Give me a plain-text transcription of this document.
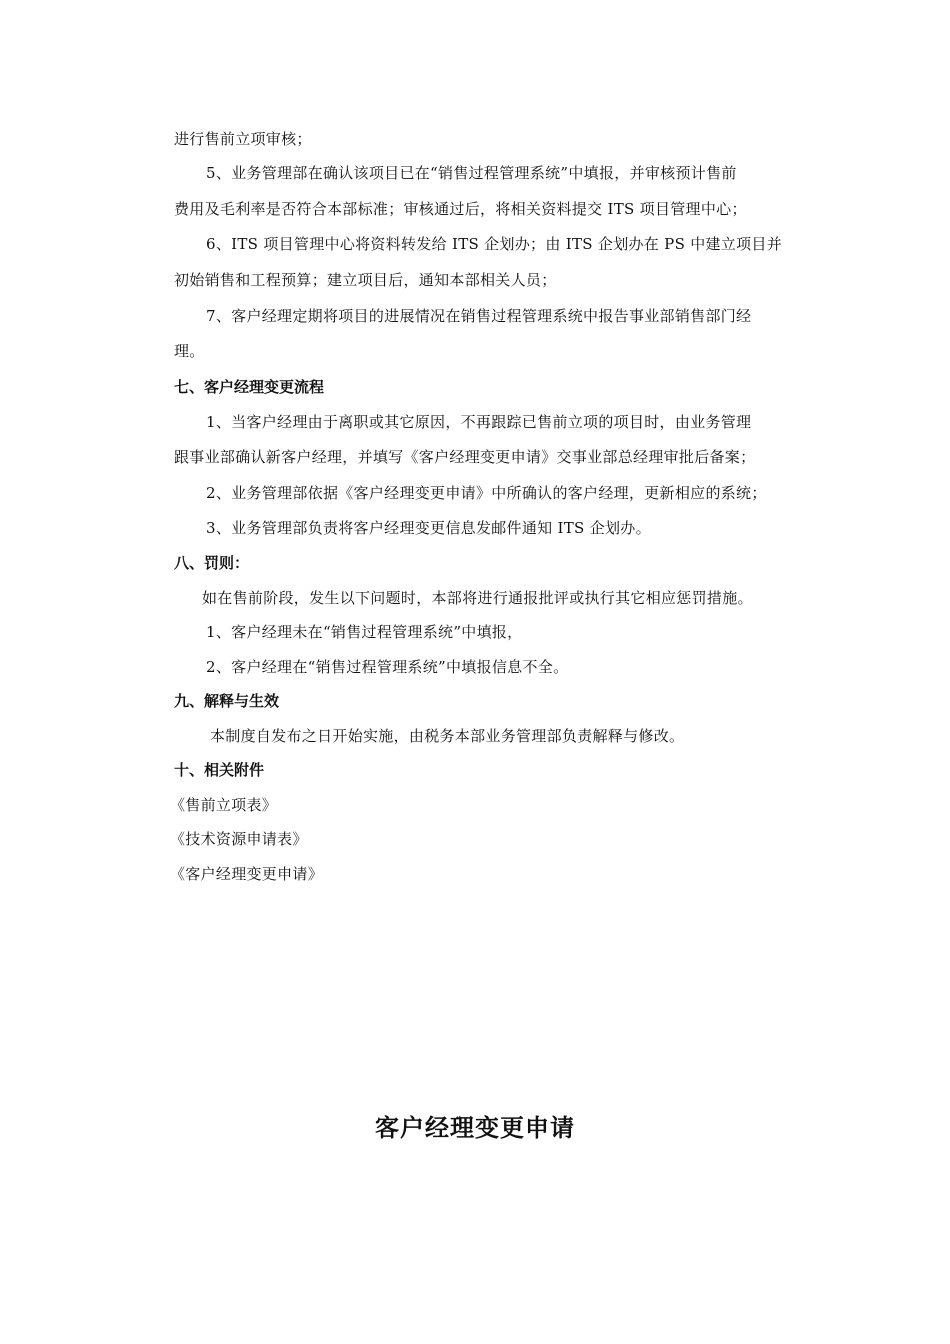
进行售前立项审核；
5、业务管理部在确认该项目已在“销售过程管理系统”中填报，并审核预计售前
费用及毛利率是否符合本部标准；审核通过后，将相关资料提交 ITS 项目管理中心；
6、ITS 项目管理中心将资料转发给 ITS 企划办；由 ITS 企划办在 PS 中建立项目并
初始销售和工程预算；建立项目后，通知本部相关人员；
7、客户经理定期将项目的进展情况在销售过程管理系统中报告事业部销售部门经
理。
七、客户经理变更流程
1、当客户经理由于离职或其它原因，不再跟踪已售前立项的项目时，由业务管理
跟事业部确认新客户经理，并填写《客户经理变更申请》交事业部总经理审批后备案；
2、业务管理部依据《客户经理变更申请》中所确认的客户经理，更新相应的系统；
3、业务管理部负责将客户经理变更信息发邮件通知 ITS 企划办。
八、罚则：
如在售前阶段，发生以下问题时，本部将进行通报批评或执行其它相应惩罚措施。
1、客户经理未在“销售过程管理系统”中填报，
2、客户经理在“销售过程管理系统”中填报信息不全。
九、解释与生效
本制度自发布之日开始实施，由税务本部业务管理部负责解释与修改。
十、相关附件
《售前立项表》
《技术资源申请表》
《客户经理变更申请》
客户经理变更申请
